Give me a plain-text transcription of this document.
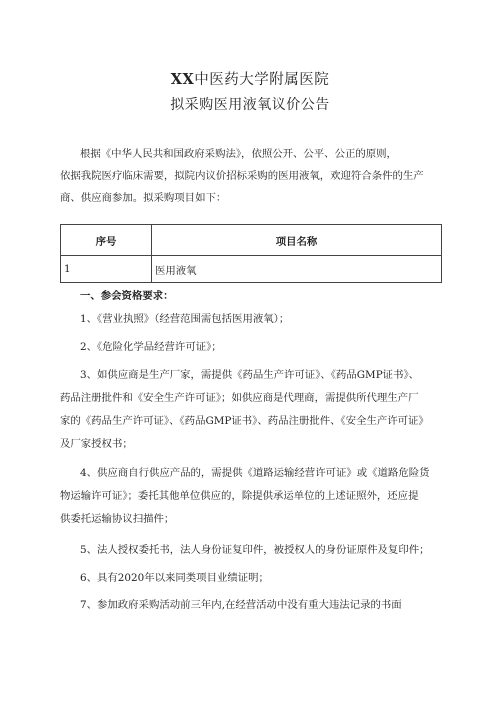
XX中医药大学附属医院
拟采购医用液氧议价公告
根据《中华人民共和国政府采购法》，依照公开、公平、公正的原则，
依据我院医疗临床需要，拟院内议价招标采购的医用液氧，欢迎符合条件的生产
商、供应商参加。拟采购项目如下：
序号	项目名称
1	医用液氧
一、参会资格要求：
1、《营业执照》（经营范围需包括医用液氧）；
2、《危险化学品经营许可证》；
3、如供应商是生产厂家，需提供《药品生产许可证》、《药品GMP证书》、
药品注册批件和《安全生产许可证》；如供应商是代理商，需提供所代理生产厂
家的《药品生产许可证》、《药品GMP证书》、药品注册批件、《安全生产许可证》
及厂家授权书；
4、供应商自行供应产品的，需提供《道路运输经营许可证》或《道路危险货
物运输许可证》；委托其他单位供应的，除提供承运单位的上述证照外，还应提
供委托运输协议扫描件；
5、法人授权委托书，法人身份证复印件，被授权人的身份证原件及复印件；
6、具有2020年以来同类项目业绩证明；
7、参加政府采购活动前三年内,在经营活动中没有重大违法记录的书面
